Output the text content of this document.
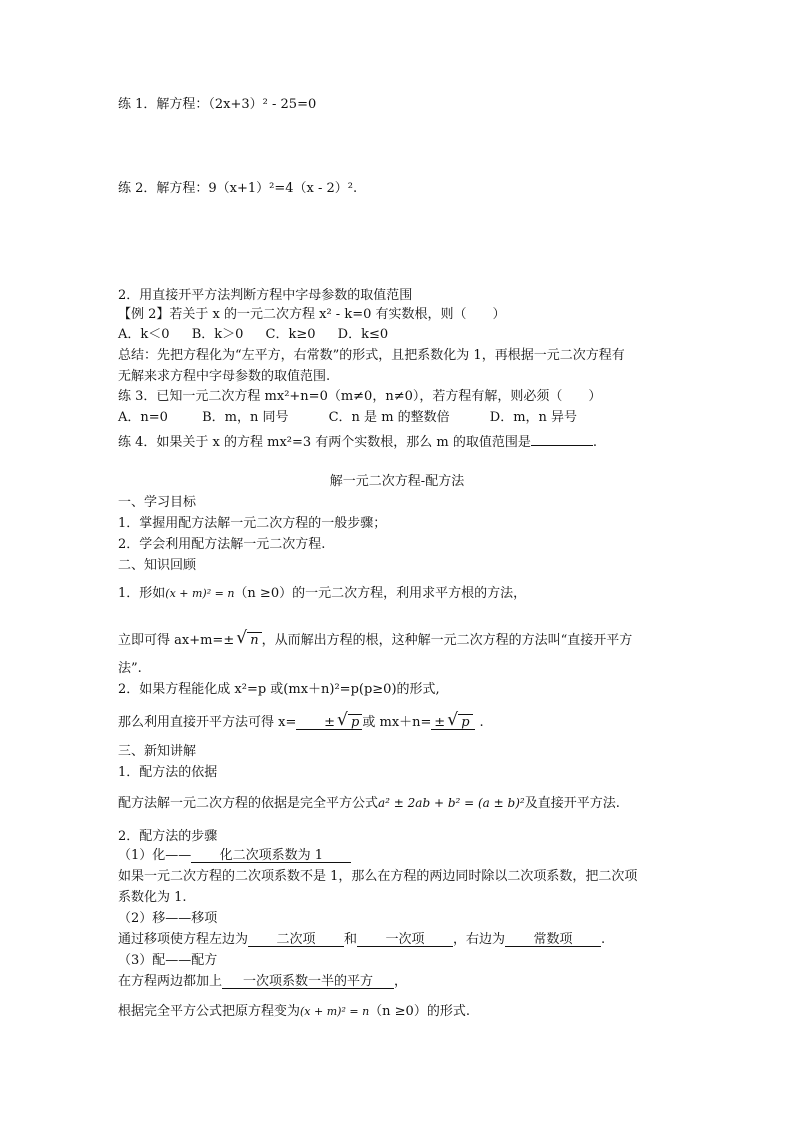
练 1．解方程：（2x+3）² - 25=0
练 2．解方程：9（x+1）²=4（x - 2）².
2．用直接开平方法判断方程中字母参数的取值范围
【例 2】若关于 x 的一元二次方程 x² - k=0 有实数根，则（　　）
A．k＜0 B．k＞0 C．k≥0 D．k≤0
总结：先把方程化为“左平方，右常数”的形式，且把系数化为 1，再根据一元二次方程有
无解来求方程中字母参数的取值范围.
练 3．已知一元二次方程 mx²+n=0（m≠0，n≠0），若方程有解，则必须（　　）
A．n=0	B．m，n 同号	C．n 是 m 的整数倍	D．m，n 异号
练 4．如果关于 x 的方程 mx²=3 有两个实数根，那么 m 的取值范围是	.
解一元二次方程-配方法
一、学习目标
1．掌握用配方法解一元二次方程的一般步骤；
2．学会利用配方法解一元二次方程.
二、知识回顾
1．形如(x + m)² = n（n ≥0）的一元二次方程，利用求平方根的方法，
立即可得 ax+m=± √ n ，从而解出方程的根，这种解一元二次方程的方法叫“直接开平方
法”.
2．如果方程能化成 x²=p 或(mx＋n)²=p(p≥0)的形式,
那么利用直接开平方法可得 x= ± √ p 或 mx＋n= ± √ p .
三、新知讲解
1．配方法的依据
配方法解一元二次方程的依据是完全平方公式a² ± 2ab + b² = (a ± b)²及直接开平方法.
2．配方法的步骤
（1）化—— 化二次项系数为 1
如果一元二次方程的二次项系数不是 1，那么在方程的两边同时除以二次项系数，把二次项
系数化为 1.
（2）移——移项
通过移项使方程左边为 二次项 和 一次项 ，右边为 常数项 .
（3）配——配方
在方程两边都加上 一次项系数一半的平方 ，
根据完全平方公式把原方程变为(x + m)² = n（n ≥0）的形式.
